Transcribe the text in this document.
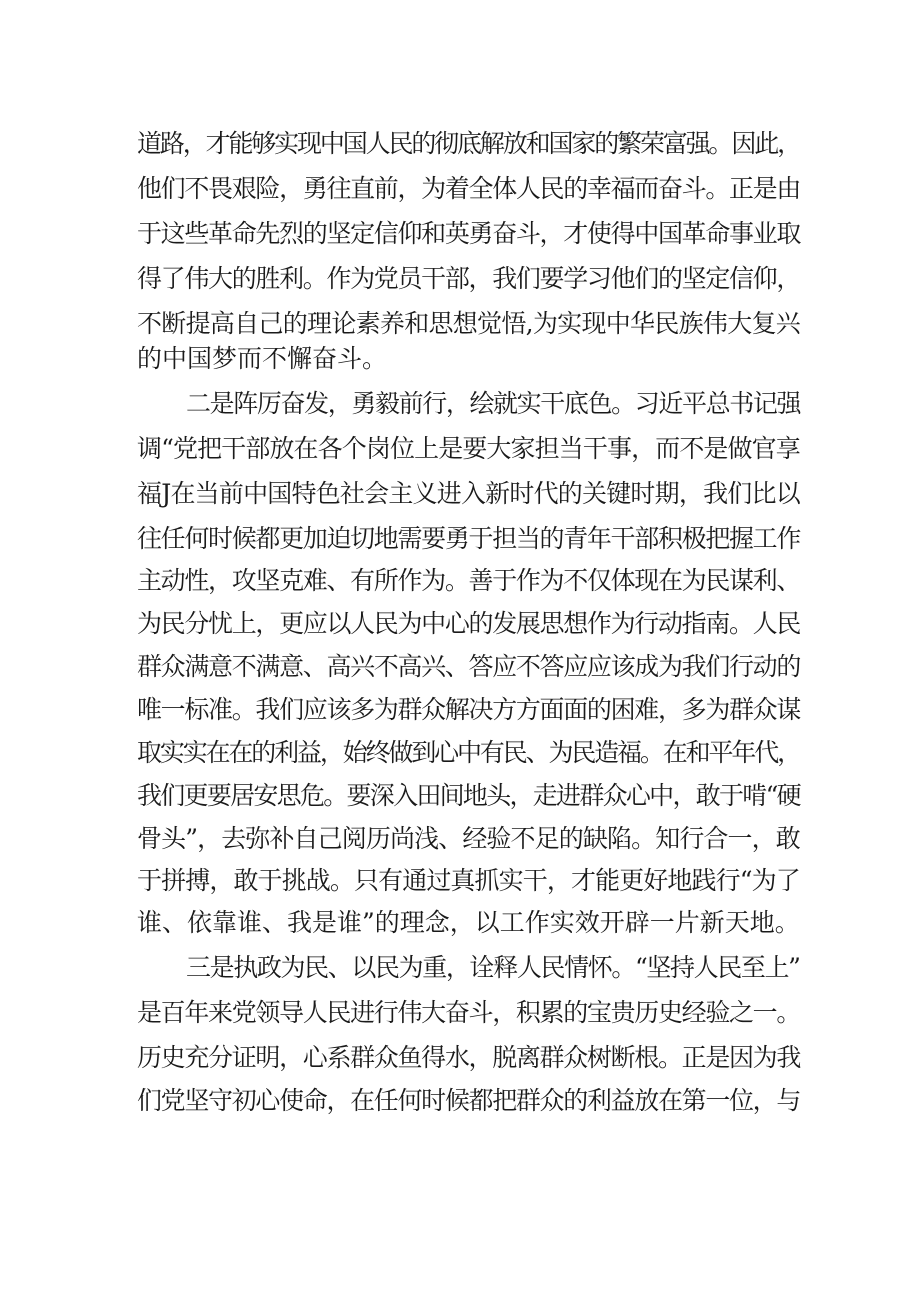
道路，才能够实现中国人民的彻底解放和国家的繁荣富强。因此，
他们不畏艰险，勇往直前，为着全体人民的幸福而奋斗。正是由
于这些革命先烈的坚定信仰和英勇奋斗，才使得中国革命事业取
得了伟大的胜利。作为党员干部，我们要学习他们的坚定信仰，
不断提高自己的理论素养和思想觉悟,为实现中华民族伟大复兴
的中国梦而不懈奋斗。
二是阵厉奋发，勇毅前行，绘就实干底色。习近平总书记强
调“党把干部放在各个岗位上是要大家担当干事，而不是做官享
福J在当前中国特色社会主义进入新时代的关键时期，我们比以
往任何时候都更加迫切地需要勇于担当的青年干部积极把握工作
主动性，攻坚克难、有所作为。善于作为不仅体现在为民谋利、
为民分忧上，更应以人民为中心的发展思想作为行动指南。人民
群众满意不满意、高兴不高兴、答应不答应应该成为我们行动的
唯一标准。我们应该多为群众解决方方面面的困难，多为群众谋
取实实在在的利益，始终做到心中有民、为民造福。在和平年代，
我们更要居安思危。要深入田间地头，走进群众心中，敢于啃“硬
骨头”，去弥补自己阅历尚浅、经验不足的缺陷。知行合一，敢
于拼搏，敢于挑战。只有通过真抓实干，才能更好地践行“为了
谁、依靠谁、我是谁”的理念，以工作实效开辟一片新天地。
三是执政为民、以民为重，诠释人民情怀。“坚持人民至上”
是百年来党领导人民进行伟大奋斗，积累的宝贵历史经验之一。
历史充分证明，心系群众鱼得水，脱离群众树断根。正是因为我
们党坚守初心使命，在任何时候都把群众的利益放在第一位，与
